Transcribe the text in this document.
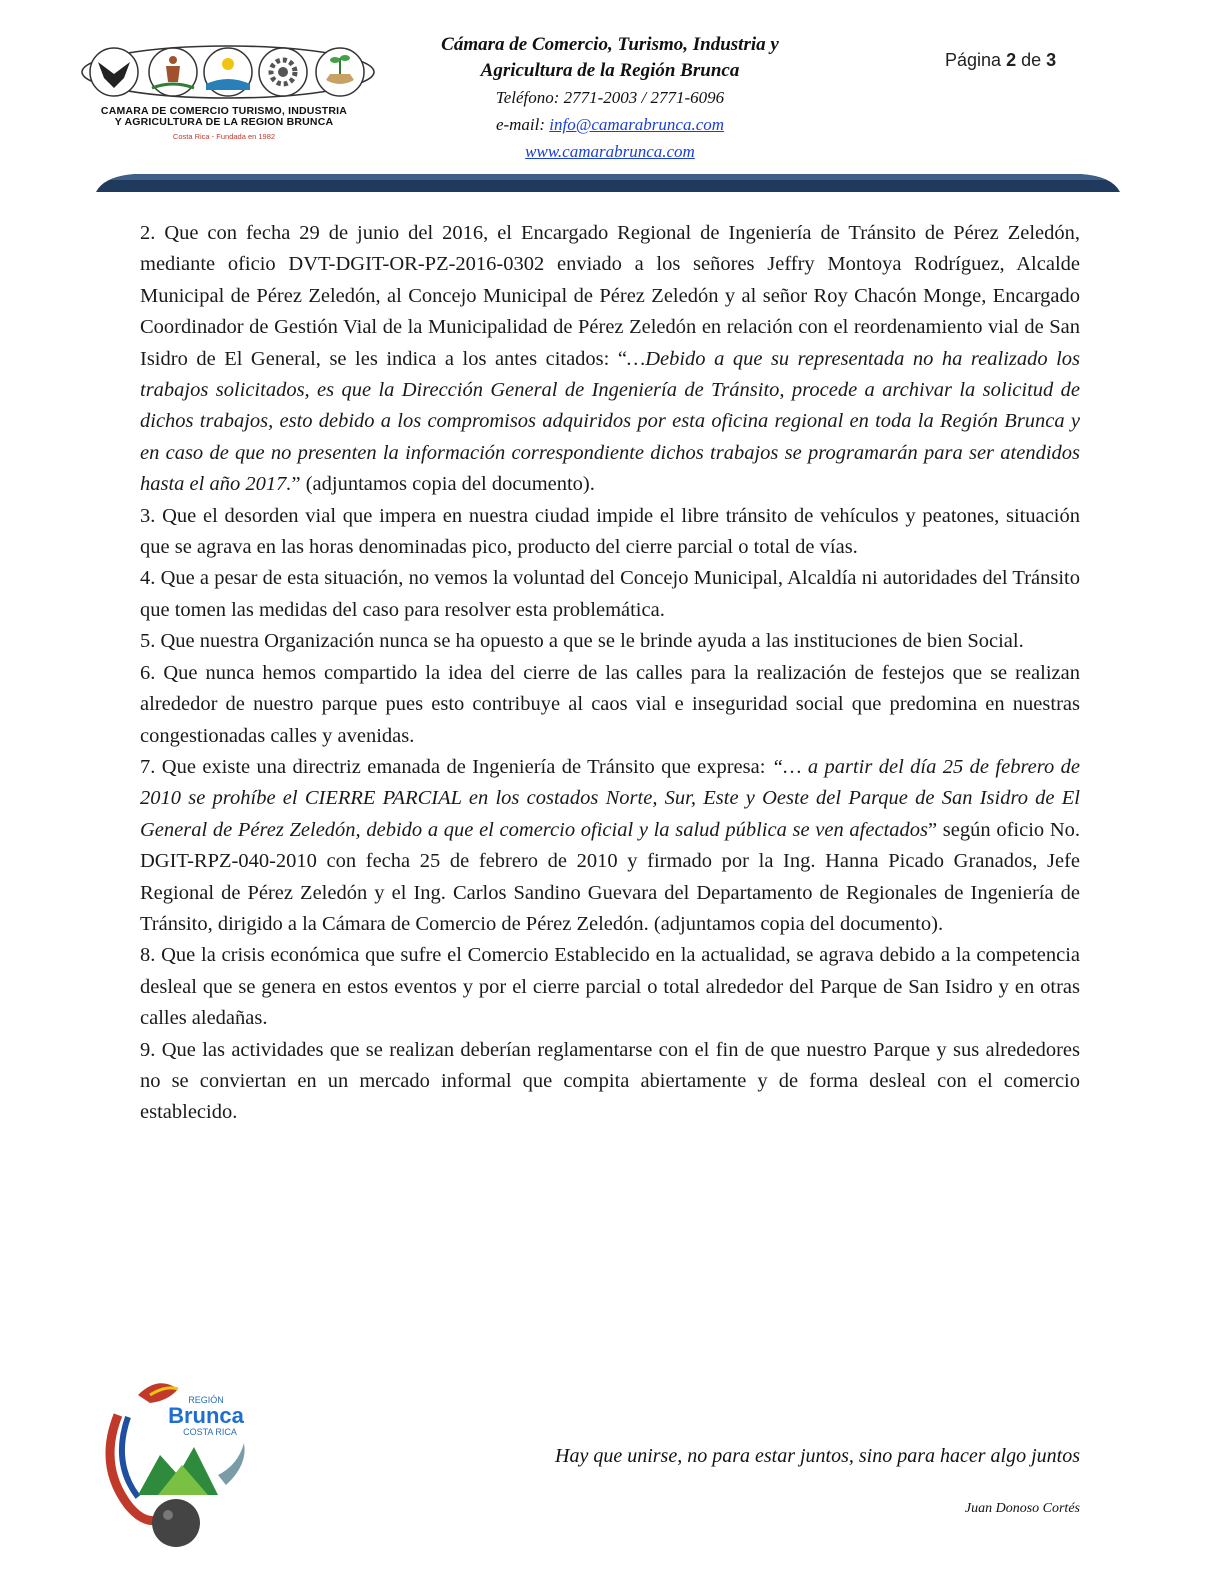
CAMARA DE COMERCIO TURISMO, INDUSTRIA
Y AGRICULTURA DE LA REGION BRUNCA
Costa Rica - Fundada en 1982
Cámara de Comercio, Turismo, Industria y
Agricultura de la Región Brunca
Teléfono: 2771-2003 / 2771-6096
e-mail: info@camarabrunca.com
www.camarabrunca.com
Página 2 de 3

2. Que con fecha 29 de junio del 2016, el Encargado Regional de Ingeniería de Tránsito de Pérez Zeledón, mediante oficio DVT-DGIT-OR-PZ-2016-0302 enviado a los señores Jeffry Montoya Rodríguez, Alcalde Municipal de Pérez Zeledón, al Concejo Municipal de Pérez Zeledón y al señor Roy Chacón Monge, Encargado Coordinador de Gestión Vial de la Municipalidad de Pérez Zeledón en relación con el reordenamiento vial de San Isidro de El General, se les indica a los antes citados: “…Debido a que su representada no ha realizado los trabajos solicitados, es que la Dirección General de Ingeniería de Tránsito, procede a archivar la solicitud de dichos trabajos, esto debido a los compromisos adquiridos por esta oficina regional en toda la Región Brunca y en caso de que no presenten la información correspondiente dichos trabajos se programarán para ser atendidos hasta el año 2017.” (adjuntamos copia del documento).

3. Que el desorden vial que impera en nuestra ciudad impide el libre tránsito de vehículos y peatones, situación que se agrava en las horas denominadas pico, producto del cierre parcial o total de vías.

4. Que a pesar de esta situación, no vemos la voluntad del Concejo Municipal, Alcaldía ni autoridades del Tránsito que tomen las medidas del caso para resolver esta problemática.

5. Que nuestra Organización nunca se ha opuesto a que se le brinde ayuda a las instituciones de bien Social.

6. Que nunca hemos compartido la idea del cierre de las calles para la realización de festejos que se realizan alrededor de nuestro parque pues esto contribuye al caos vial e inseguridad social que predomina en nuestras congestionadas calles y avenidas.

7. Que existe una directriz emanada de Ingeniería de Tránsito que expresa: “… a partir del día 25 de febrero de 2010 se prohíbe el CIERRE PARCIAL en los costados Norte, Sur, Este y Oeste del Parque de San Isidro de El General de Pérez Zeledón, debido a que el comercio oficial y la salud pública se ven afectados” según oficio No. DGIT-RPZ-040-2010 con fecha 25 de febrero de 2010 y firmado por la Ing. Hanna Picado Granados, Jefe Regional de Pérez Zeledón y el Ing. Carlos Sandino Guevara del Departamento de Regionales de Ingeniería de Tránsito, dirigido a la Cámara de Comercio de Pérez Zeledón. (adjuntamos copia del documento).

8. Que la crisis económica que sufre el Comercio Establecido en la actualidad, se agrava debido a la competencia desleal que se genera en estos eventos y por el cierre parcial o total alrededor del Parque de San Isidro y en otras calles aledañas.

9. Que las actividades que se realizan deberían reglamentarse con el fin de que nuestro Parque y sus alrededores no se conviertan en un mercado informal que compita abiertamente y de forma desleal con el comercio establecido.

REGIÓN
Brunca
COSTA RICA
Hay que unirse, no para estar juntos, sino para hacer algo juntos
Juan Donoso Cortés
